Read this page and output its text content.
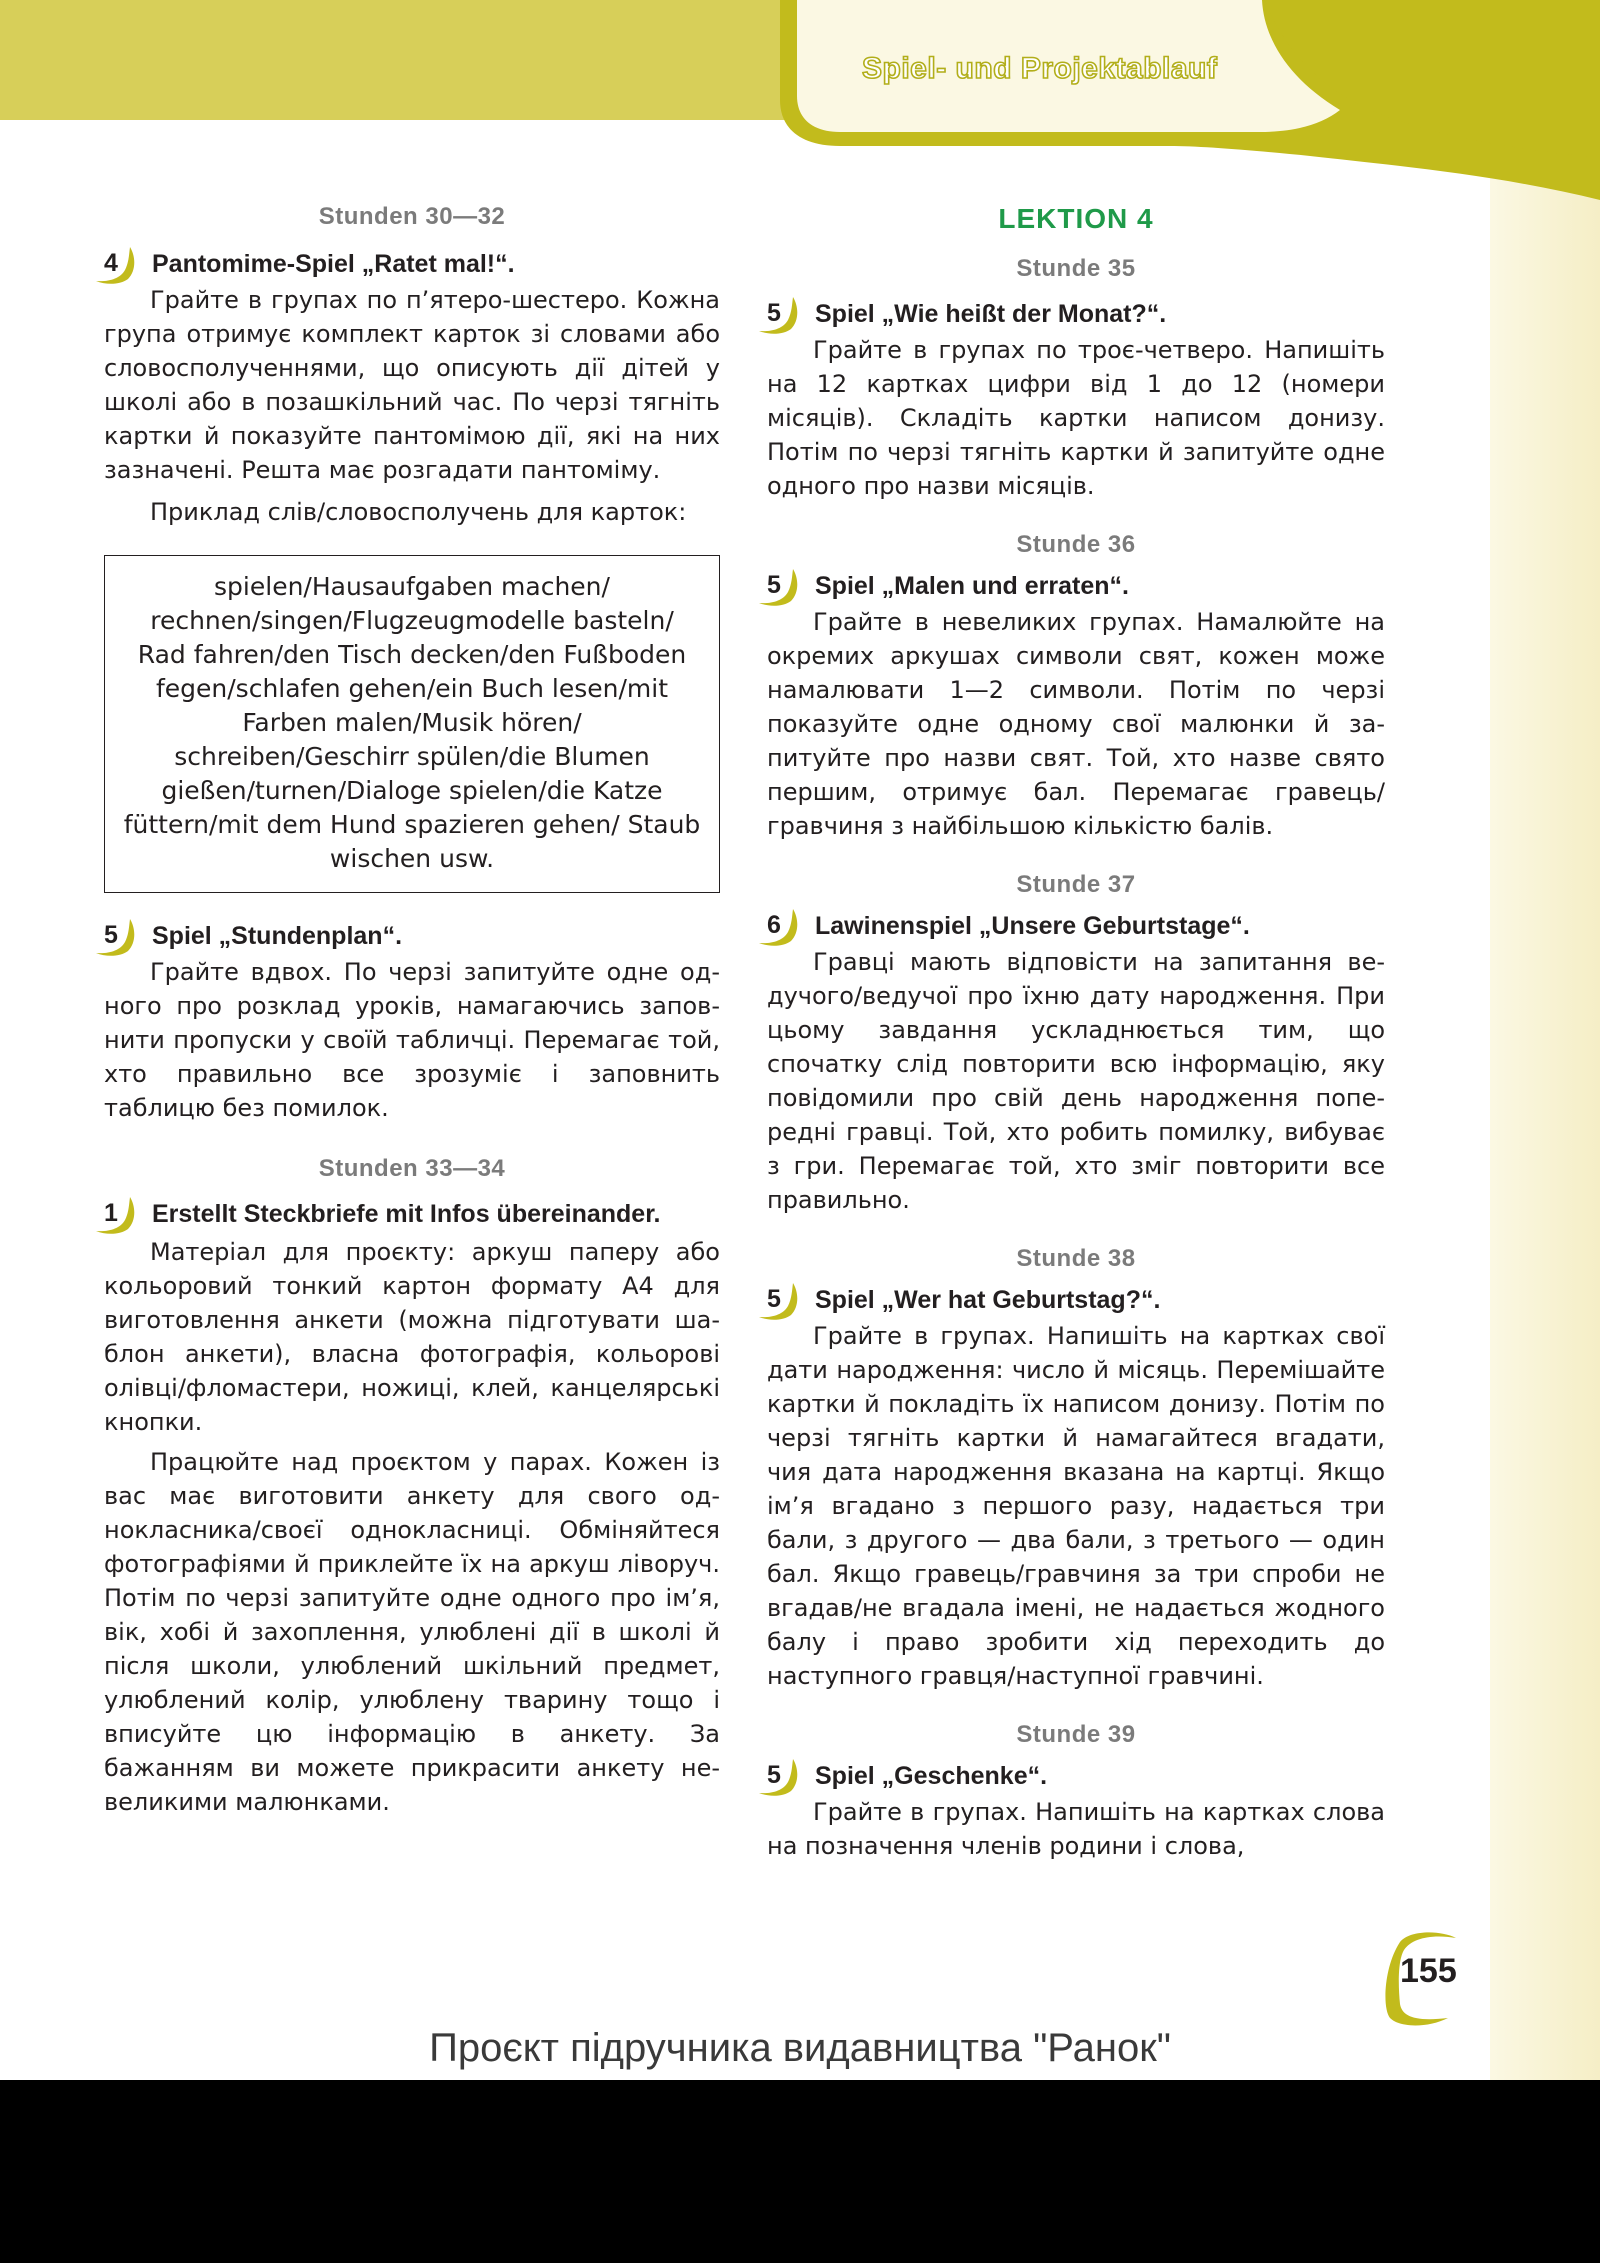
Spiel- und Projektablauf
Stunden 30—32
4 Pantomime-Spiel „Ratet mal!“.

Грайте в групах по п’ятеро-шестеро. Кожна група отримує комплект карток зі словами або словосполученнями, що описують дії дітей у школі або в позашкільний час. По черзі тягніть картки й показуйте пантомімою дії, які на них зазначені. Решта має розгадати пантоміму.

Приклад слів/словосполучень для карток:

spielen/Hausaufgaben machen/ rechnen/singen/Flugzeugmodelle basteln/ Rad fahren/den Tisch decken/den Fußboden fegen/schlafen gehen/ein Buch lesen/mit Farben malen/Musik hören/ schreiben/Geschirr spülen/die Blumen gießen/turnen/Dialoge spielen/die Katze füttern/mit dem Hund spazieren gehen/ Staub wischen usw.
5 Spiel „Stundenplan“.

Грайте вдвох. По черзі запитуйте одне одного про розклад уроків, намагаючись заповнити пропуски у своїй табличці. Перемагає той, хто правильно все зрозуміє і заповнить таблицю без помилок.

Stunden 33—34
1 Erstellt Steckbriefe mit Infos übereinander.

Матеріал для проєкту: аркуш паперу або кольоровий тонкий картон формату А4 для виготовлення анкети (можна підготувати шаблон анкети), власна фотографія, кольорові олівці/фломастери, ножиці, клей, канцелярські кнопки.

Працюйте над проєктом у парах. Кожен із вас має виготовити анкету для свого однокласника/своєї однокласниці. Обміняйтеся фотографіями й приклейте їх на аркуш ліворуч. Потім по черзі запитуйте одне одного про ім’я, вік, хобі й захоплення, улюблені дії в школі й після школи, улюблений шкільний предмет, улюблений колір, улюблену тварину тощо і вписуйте цю інформацію в анкету. За бажанням ви можете прикрасити анкету невеликими малюнками.

LEKTION 4
Stunde 35
5 Spiel „Wie heißt der Monat?“.

Грайте в групах по троє-четверо. Напишіть на 12 картках цифри від 1 до 12 (номери місяців). Складіть картки написом донизу. Потім по черзі тягніть картки й запитуйте одне одного про назви місяців.

Stunde 36
5 Spiel „Malen und erraten“.

Грайте в невеликих групах. Намалюйте на окремих аркушах символи свят, кожен може намалювати 1—2 символи. Потім по черзі показуйте одне одному свої малюнки й запитуйте про назви свят. Той, хто назве свято першим, отримує бал. Перемагає гравець/ гравчиня з найбільшою кількістю балів.

Stunde 37
6 Lawinenspiel „Unsere Geburtstage“.

Гравці мають відповісти на запитання ведучого/ведучої про їхню дату народження. При цьому завдання ускладнюється тим, що спочатку слід повторити всю інформацію, яку повідомили про свій день народження попередні гравці. Той, хто робить помилку, вибуває з гри. Перемагає той, хто зміг повторити все правильно.

Stunde 38
5 Spiel „Wer hat Geburtstag?“.

Грайте в групах. Напишіть на картках свої дати народження: число й місяць. Перемішайте картки й покладіть їх написом донизу. Потім по черзі тягніть картки й намагайтеся вгадати, чия дата народження вказана на картці. Якщо ім’я вгадано з першого разу, надається три бали, з другого — два бали, з третього — один бал. Якщо гравець/гравчиня за три спроби не вгадав/не вгадала імені, не надається жодного балу і право зробити хід переходить до наступного гравця/наступної гравчині.

Stunde 39
5 Spiel „Geschenke“.

Грайте в групах. Напишіть на картках слова на позначення членів родини і слова,

155
Проєкт підручника видавництва "Ранок"
